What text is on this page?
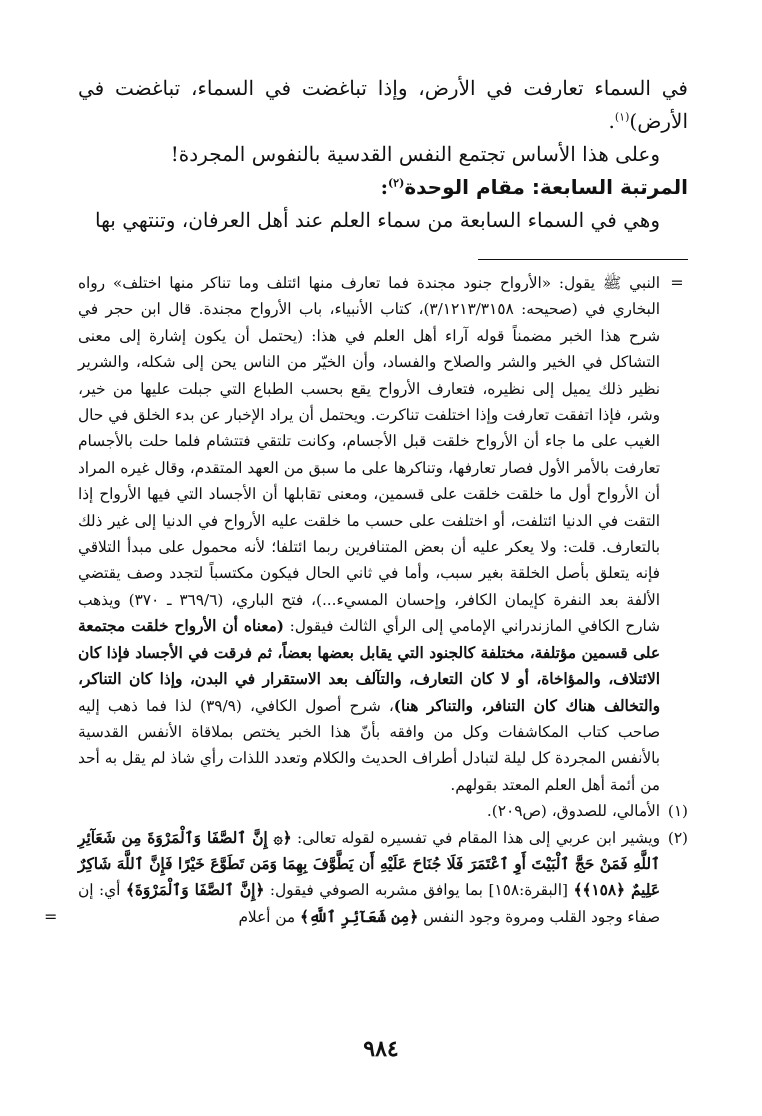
في السماء تعارفت في الأرض، وإذا تباغضت في السماء، تباغضت في الأرض)$^{(١)}$.

وعلى هذا الأساس تجتمع النفس القدسية بالنفوس المجردة!

المرتبة السابعة: مقام الوحدة$^{(٢)}$:

وهي في السماء السابعة من سماء العلم عند أهل العرفان، وتنتهي بها

=
النبي ﷺ يقول: «الأرواح جنود مجندة فما تعارف منها ائتلف وما تناكر منها اختلف» رواه البخاري في (صحيحه: ٣/١٢١٣/٣١٥٨)، كتاب الأنبياء، باب الأرواح مجندة. قال ابن حجر في شرح هذا الخبر مضمناً قوله آراء أهل العلم في هذا: (يحتمل أن يكون إشارة إلى معنى التشاكل في الخير والشر والصلاح والفساد، وأن الخيّر من الناس يحن إلى شكله، والشرير نظير ذلك يميل إلى نظيره، فتعارف الأرواح يقع بحسب الطباع التي جبلت عليها من خير، وشر، فإذا اتفقت تعارفت وإذا اختلفت تناكرت. ويحتمل أن يراد الإخبار عن بدء الخلق في حال الغيب على ما جاء أن الأرواح خلقت قبل الأجسام، وكانت تلتقي فتتشام فلما حلت بالأجسام تعارفت بالأمر الأول فصار تعارفها، وتناكرها على ما سبق من العهد المتقدم، وقال غيره المراد أن الأرواح أول ما خلقت خلقت على قسمين، ومعنى تقابلها أن الأجساد التي فيها الأرواح إذا التقت في الدنيا ائتلفت، أو اختلفت على حسب ما خلقت عليه الأرواح في الدنيا إلى غير ذلك بالتعارف. قلت: ولا يعكر عليه أن بعض المتنافرين ربما ائتلفا؛ لأنه محمول على مبدأ التلاقي فإنه يتعلق بأصل الخلقة بغير سبب، وأما في ثاني الحال فيكون مكتسباً لتجدد وصف يقتضي الألفة بعد النفرة كإيمان الكافر، وإحسان المسيء...)، فتح الباري، (٣٦٩/٦ ـ ٣٧٠) ويذهب شارح الكافي المازندراني الإمامي إلى الرأي الثالث فيقول: (معناه أن الأرواح خلقت مجتمعة على قسمين مؤتلفة، مختلفة كالجنود التي يقابل بعضها بعضاً، ثم فرقت في الأجساد فإذا كان الائتلاف، والمؤاخاة، أو لا كان التعارف، والتآلف بعد الاستقرار في البدن، وإذا كان التناكر، والتخالف هناك كان التنافر، والتناكر هنا)، شرح أصول الكافي، (٣٩/٩) لذا فما ذهب إليه صاحب كتاب المكاشفات وكل من وافقه بأنّ هذا الخبر يختص بملاقاة الأنفس القدسية بالأنفس المجردة كل ليلة لتبادل أطراف الحديث والكلام وتعدد اللذات رأي شاذ لم يقل به أحد من أئمة أهل العلم المعتد بقولهم.
(١)
الأمالي، للصدوق، (ص٢٠٩).
(٢)
ويشير ابن عربي إلى هذا المقام في تفسيره لقوله تعالى: ﴿۞ إِنَّ ٱلصَّفَا وَٱلْمَرْوَةَ مِن شَعَآئِرِ ٱللَّهِ فَمَنْ حَجَّ ٱلْبَيْتَ أَوِ ٱعْتَمَرَ فَلَا جُنَاحَ عَلَيْهِ أَن يَطَّوَّفَ بِهِمَا وَمَن تَطَوَّعَ خَيْرًا فَإِنَّ ٱللَّهَ شَاكِرٌ عَلِيمٌ ﴿١٥٨﴾﴾ [البقرة:١٥٨] بما يوافق مشربه الصوفي فيقول: ﴿إِنَّ ٱلصَّفَا وَٱلْمَرْوَةَ﴾ أي: إن صفاء وجود القلب ومروة وجود النفس ﴿مِن شَعَآئِرِ ٱللَّهِ﴾ من أعلام
=
٩٨٤
